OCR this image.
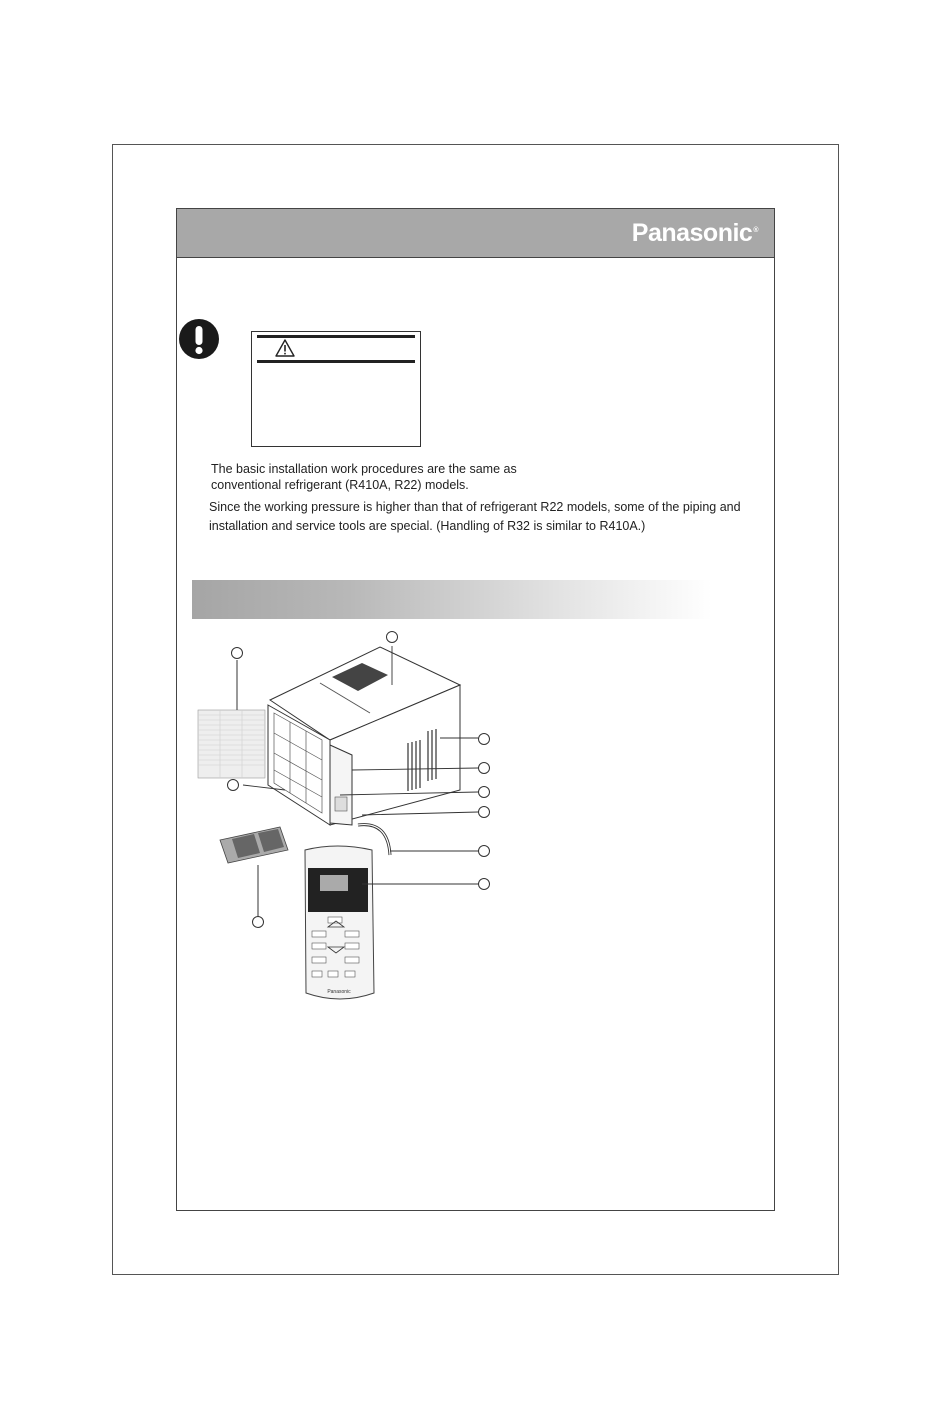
Panasonic®
The basic installation work procedures are the same as
conventional refrigerant (R410A, R22) models.
Since the working pressure is higher than that of refrigerant R22 models, some of the piping and
installation and service tools are special. (Handling of R32 is similar to R410A.)
Panasonic
